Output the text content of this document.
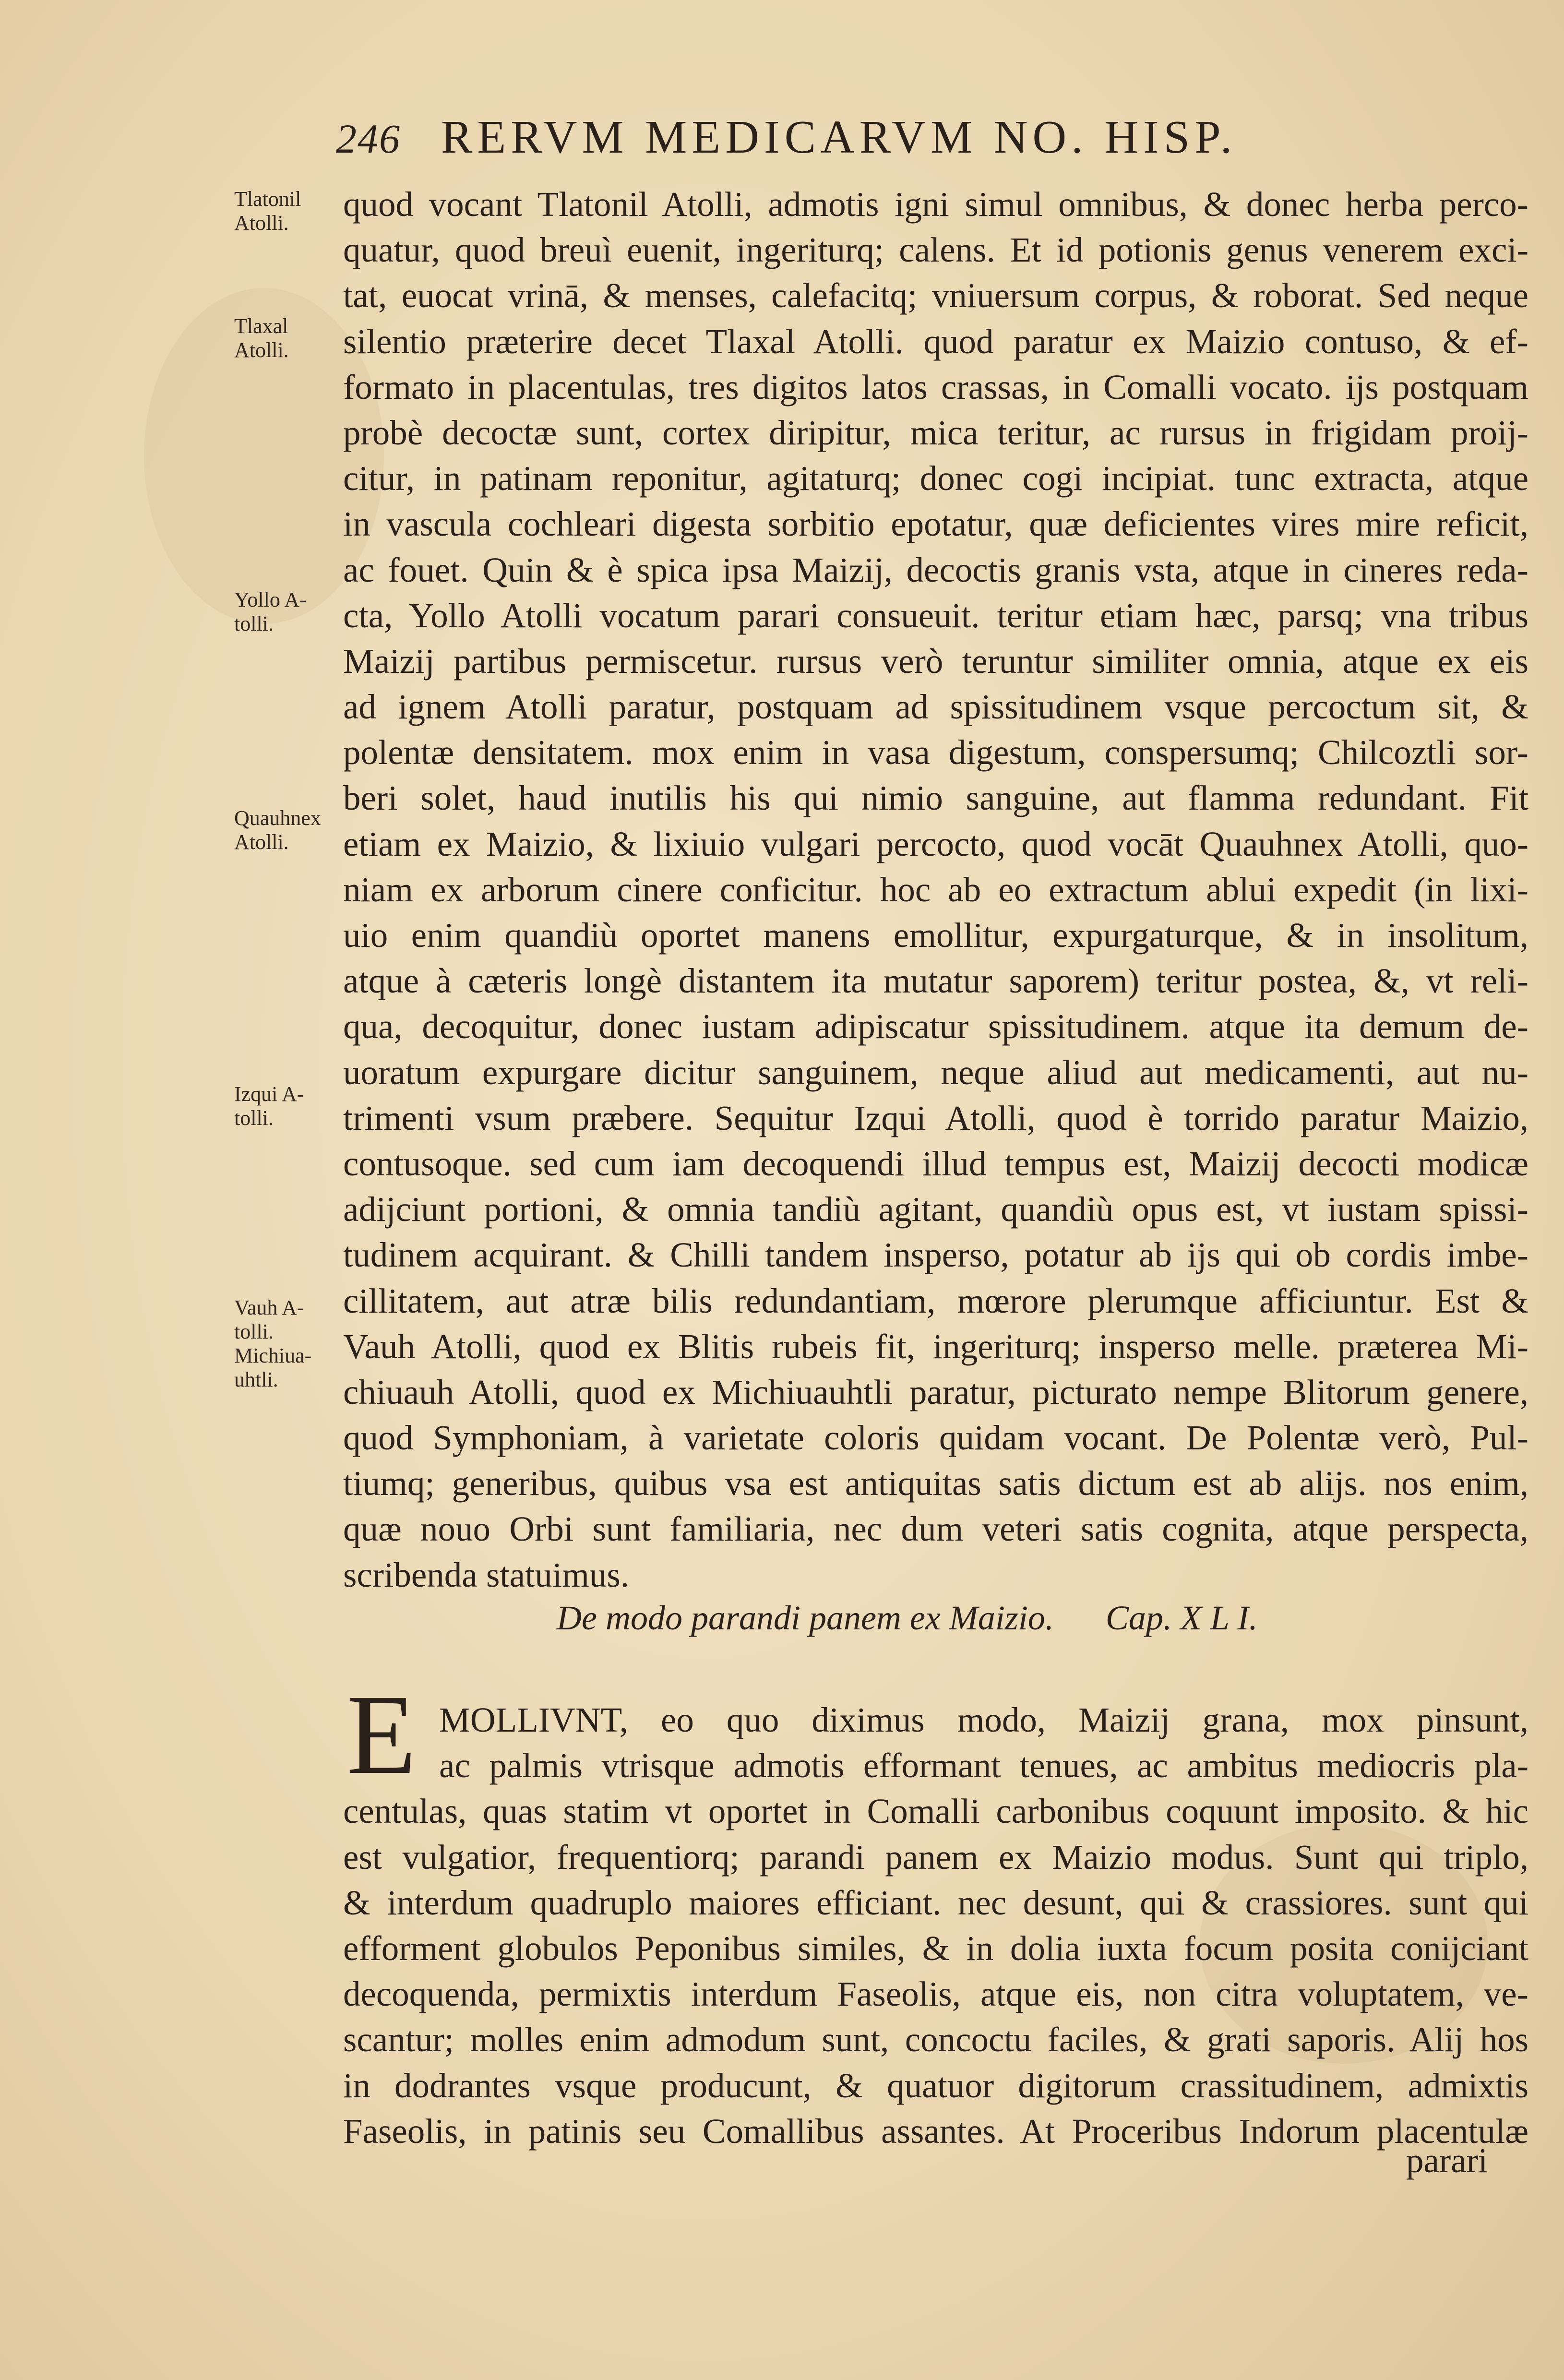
246 RERVM MEDICARVM NO. HISP.
Tlatonil
Atolli.
Tlaxal
Atolli.
Yollo A-
tolli.
Quauhnex
Atolli.
Izqui A-
tolli.
Vauh A-
tolli.
Michiua-
uhtli.
quod vocant Tlatonil Atolli, admotis igni simul omnibus, & donec herba perco-
quatur, quod breuì euenit, ingeriturq; calens. Et id potionis genus venerem exci-
tat, euocat vrinā, & menses, calefacitq; vniuersum corpus, & roborat. Sed neque
silentio præterire decet Tlaxal Atolli. quod paratur ex Maizio contuso, & ef-
formato in placentulas, tres digitos latos crassas, in Comalli vocato. ijs postquam
probè decoctæ sunt, cortex diripitur, mica teritur, ac rursus in frigidam proij-
citur, in patinam reponitur, agitaturq; donec cogi incipiat. tunc extracta, atque
in vascula cochleari digesta sorbitio epotatur, quæ deficientes vires mire reficit,
ac fouet. Quin & è spica ipsa Maizij, decoctis granis vsta, atque in cineres reda-
cta, Yollo Atolli vocatum parari consueuit. teritur etiam hæc, parsq; vna tribus
Maizij partibus permiscetur. rursus verò teruntur similiter omnia, atque ex eis
ad ignem Atolli paratur, postquam ad spissitudinem vsque percoctum sit, &
polentæ densitatem. mox enim in vasa digestum, conspersumq; Chilcoztli sor-
beri solet, haud inutilis his qui nimio sanguine, aut flamma redundant. Fit
etiam ex Maizio, & lixiuio vulgari percocto, quod vocāt Quauhnex Atolli, quo-
niam ex arborum cinere conficitur. hoc ab eo extractum ablui expedit (in lixi-
uio enim quandiù oportet manens emollitur, expurgaturque, & in insolitum,
atque à cæteris longè distantem ita mutatur saporem) teritur postea, &, vt reli-
qua, decoquitur, donec iustam adipiscatur spissitudinem. atque ita demum de-
uoratum expurgare dicitur sanguinem, neque aliud aut medicamenti, aut nu-
trimenti vsum præbere. Sequitur Izqui Atolli, quod è torrido paratur Maizio,
contusoque. sed cum iam decoquendi illud tempus est, Maizij decocti modicæ
adijciunt portioni, & omnia tandiù agitant, quandiù opus est, vt iustam spissi-
tudinem acquirant. & Chilli tandem insperso, potatur ab ijs qui ob cordis imbe-
cillitatem, aut atræ bilis redundantiam, mœrore plerumque afficiuntur. Est &
Vauh Atolli, quod ex Blitis rubeis fit, ingeriturq; insperso melle. præterea Mi-
chiuauh Atolli, quod ex Michiuauhtli paratur, picturato nempe Blitorum genere,
quod Symphoniam, à varietate coloris quidam vocant. De Polentæ verò, Pul-
tiumq; generibus, quibus vsa est antiquitas satis dictum est ab alijs. nos enim,
quæ nouo Orbi sunt familiaria, nec dum veteri satis cognita, atque perspecta,
scribenda statuimus.
De modo parandi panem ex Maizio. Cap. X L I.
E MOLLIVNT, eo quo diximus modo, Maizij grana, mox pinsunt,
ac palmis vtrisque admotis efformant tenues, ac ambitus mediocris pla-
centulas, quas statim vt oportet in Comalli carbonibus coquunt imposito. & hic
est vulgatior, frequentiorq; parandi panem ex Maizio modus. Sunt qui triplo,
& interdum quadruplo maiores efficiant. nec desunt, qui & crassiores. sunt qui
efforment globulos Peponibus similes, & in dolia iuxta focum posita conijciant
decoquenda, permixtis interdum Faseolis, atque eis, non citra voluptatem, ve-
scantur; molles enim admodum sunt, concoctu faciles, & grati saporis. Alij hos
in dodrantes vsque producunt, & quatuor digitorum crassitudinem, admixtis
Faseolis, in patinis seu Comallibus assantes. At Proceribus Indorum placentulæ
parari
